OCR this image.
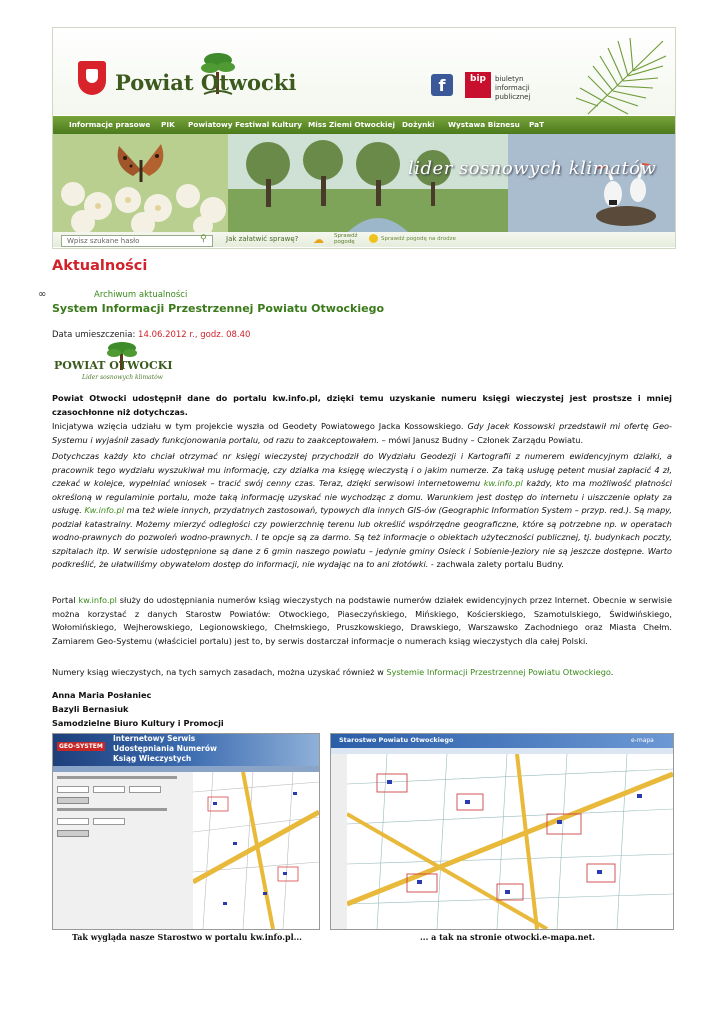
Powiat Otwocki	f	bip	biuletyn informacji publicznej
Informacje prasowe PIK Powiatowy Festiwal Kultury Miss Ziemi Otwockiej Dożynki Wystawa Biznesu PaT
lider sosnowych klimatów
Wpisz szukane hasło	⚲	Jak załatwić sprawę? ☁ Sprawdź
pogodę	Sprawdź pogodę na drodze
Aktualności
∞	Archiwum aktualności
System Informacji Przestrzennej Powiatu Otwockiego
Data umieszczenia: 14.06.2012 r., godz. 08.40
POWIAT OTWOCKI
Lider sosnowych klimatów
Powiat Otwocki udostępnił dane do portalu kw.info.pl, dzięki temu uzyskanie numeru księgi wieczystej jest prostsze i mniej czasochłonne niż dotychczas.
Inicjatywa wzięcia udziału w tym projekcie wyszła od Geodety Powiatowego Jacka Kossowskiego. Gdy Jacek Kossowski przedstawił mi ofertę Geo-Systemu i wyjaśnił zasady funkcjonowania portalu, od razu to zaakceptowałem. – mówi Janusz Budny – Członek Zarządu Powiatu.
Dotychczas każdy kto chciał otrzymać nr księgi wieczystej przychodził do Wydziału Geodezji i Kartografii z numerem ewidencyjnym działki, a pracownik tego wydziału wyszukiwał mu informację, czy działka ma księgę wieczystą i o jakim numerze. Za taką usługę petent musiał zapłacić 4 zł, czekać w kolejce, wypełniać wniosek – tracić swój cenny czas. Teraz, dzięki serwisowi internetowemu kw.info.pl każdy, kto ma możliwość płatności określoną w regulaminie portalu, może taką informację uzyskać nie wychodząc z domu. Warunkiem jest dostęp do internetu i uiszczenie opłaty za usługę. Kw.info.pl ma też wiele innych, przydatnych zastosowań, typowych dla innych GIS-ów (Geographic Information System – przyp. red.). Są mapy, podział katastralny. Możemy mierzyć odległości czy powierzchnię terenu lub określić współrzędne geograficzne, które są potrzebne np. w operatach wodno-prawnych do pozwoleń wodno-prawnych. I te opcje są za darmo. Są też informacje o obiektach użyteczności publicznej, tj. budynkach poczty, szpitalach itp. W serwisie udostępnione są dane z 6 gmin naszego powiatu – jedynie gminy Osieck i Sobienie-Jeziory nie są jeszcze dostępne. Warto podkreślić, że ułatwiliśmy obywatelom dostęp do informacji, nie wydając na to ani złotówki. - zachwala zalety portalu Budny.
Portal kw.info.pl służy do udostępniania numerów ksiąg wieczystych na podstawie numerów działek ewidencyjnych przez Internet. Obecnie w serwisie można korzystać z danych Starostw Powiatów: Otwockiego, Piaseczyńskiego, Mińskiego, Kościerskiego, Szamotulskiego, Świdwińskiego, Wołomińskiego, Wejherowskiego, Legionowskiego, Chełmskiego, Pruszkowskiego, Drawskiego, Warszawsko Zachodniego oraz Miasta Chełm. Zamiarem Geo-Systemu (właściciel portalu) jest to, by serwis dostarczał informacje o numerach ksiąg wieczystych dla całej Polski.
Numery ksiąg wieczystych, na tych samych zasadach, można uzyskać również w Systemie Informacji Przestrzennej Powiatu Otwockiego.
Anna Maria Posłaniec
Bazyli Bernasiuk
Samodzielne Biuro Kultury i Promocji
GEO-SYSTEM
Internetowy Serwis
Udostępniania Numerów
Ksiąg Wieczystych
Starostwo Powiatu Otwockiego	e-mapa
Tak wygląda nasze Starostwo w portalu kw.info.pl...	... a tak na stronie otwocki.e-mapa.net.
